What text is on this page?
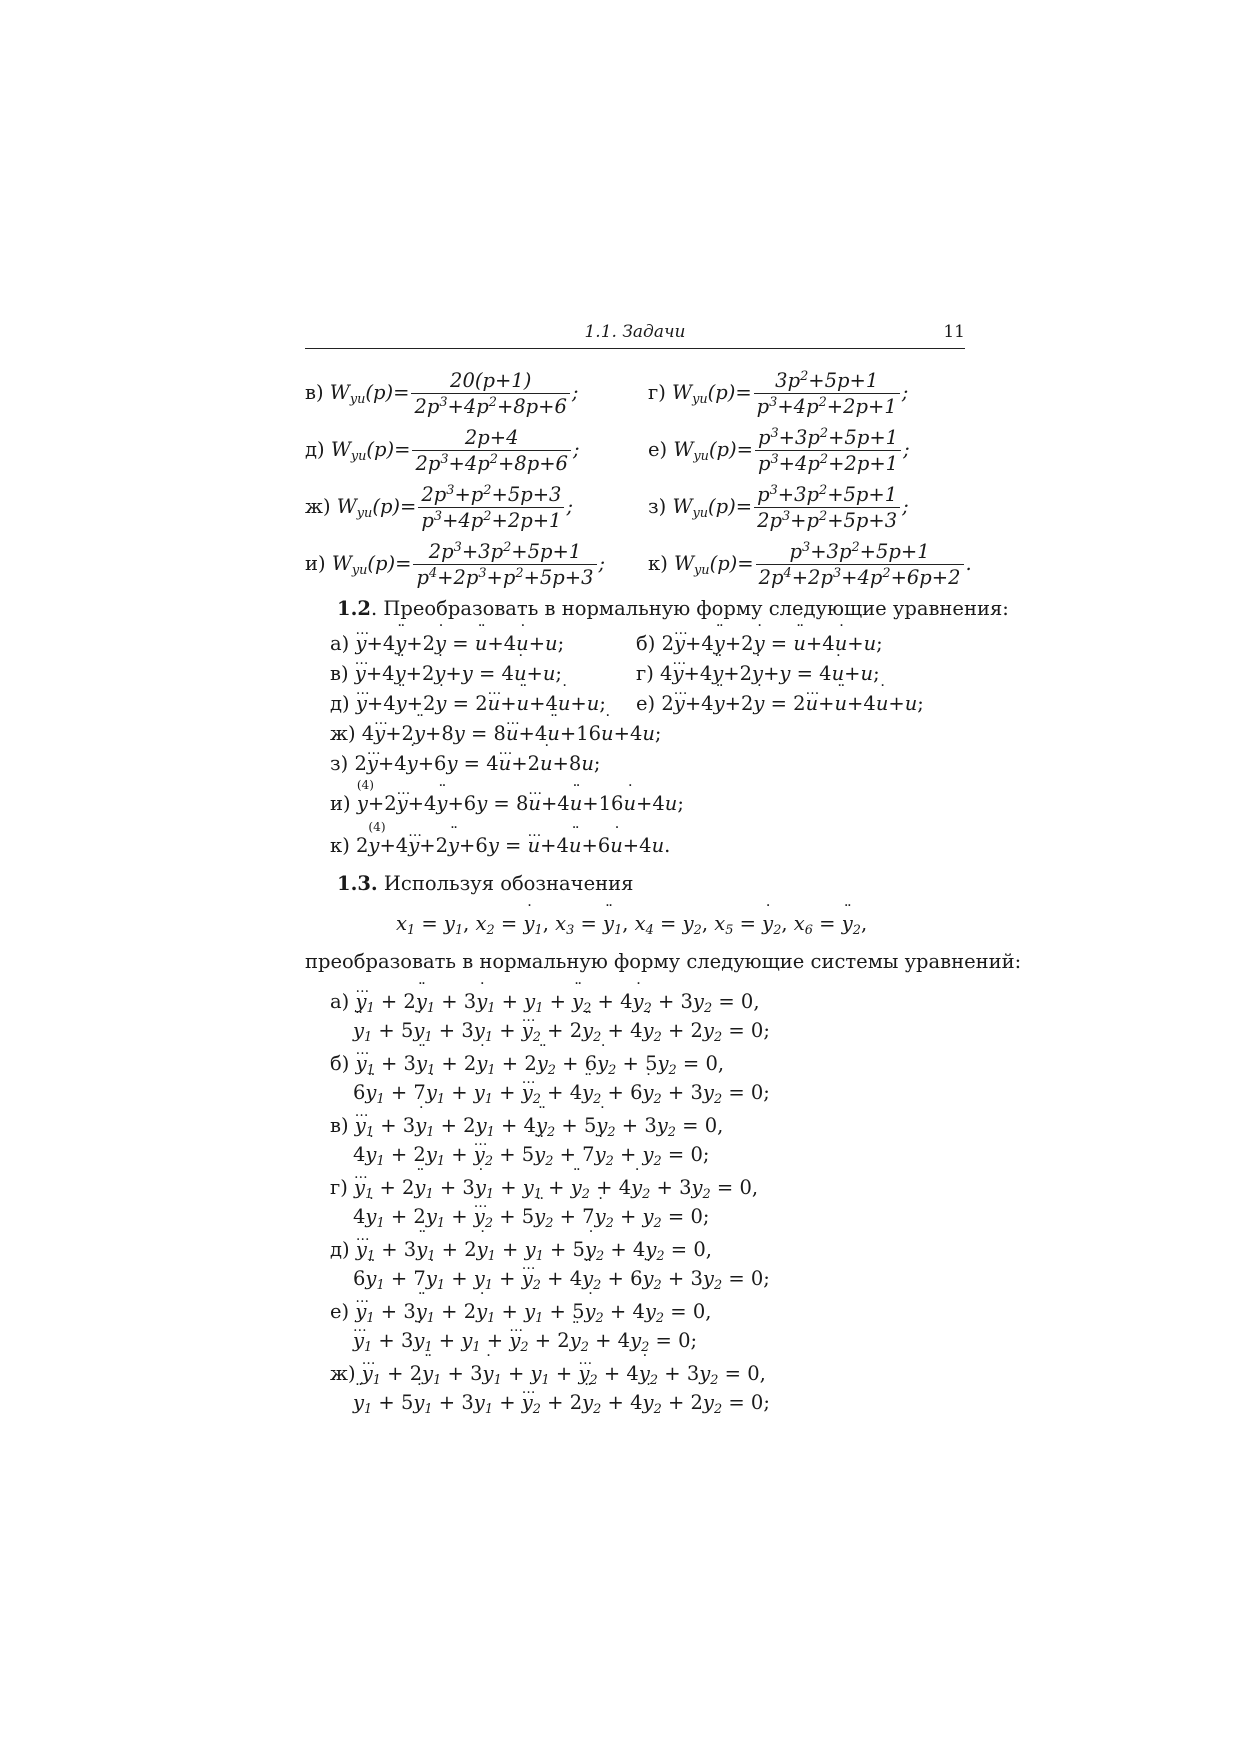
1.1. Задачи	11
в) $W_{yu}(p)= \frac{20(p+1)}{2p^3+4p^2+8p+6}$ ;	г) $W_{yu}(p)= \frac{3p^2+5p+1}{p^3+4p^2+2p+1}$ ;
д) $W_{yu}(p)= \frac{2p+4}{2p^3+4p^2+8p+6}$ ;	е) $W_{yu}(p)= \frac{p^3+3p^2+5p+1}{p^3+4p^2+2p+1}$ ;
ж) $W_{yu}(p)= \frac{2p^3+p^2+5p+3}{p^3+4p^2+2p+1}$ ;	з) $W_{yu}(p)= \frac{p^3+3p^2+5p+1}{2p^3+p^2+5p+3}$ ;
и) $W_{yu}(p)= \frac{2p^3+3p^2+5p+1}{p^4+2p^3+p^2+5p+3}$ ; к) $W_{yu}(p)= \frac{p^3+3p^2+5p+1}{2p^4+2p^3+4p^2+6p+2}$ .
1.2. Преобразовать в нормальную форму следующие уравнения:
а) … y+4¨ y+2˙ y = ¨ u+4˙ u+u;	б) 2… y+4¨ y+2˙ y = ¨ u+4˙ u+u;
в) … y+4¨ y+2˙ y+y = 4˙ u+u;	г) 4… y+4¨ y+2˙ y+y = 4˙ u+u;
д) … y+4¨ y+2˙ y = 2… u+¨ u+4˙ u+u; е) 2… y+4¨ y+2˙ y = 2… u+¨ u+4˙ u+u;
ж) 4… y+2¨ y+8y = 8… u+4¨ u+16˙ u+4u;
з) 2… y+4˙ y+6y = 4… u+2˙ u+8u;
и) (4) y+2… y+4¨ y+6y = 8… u+4¨ u+16˙ u+4u;
к) 2(4) y+4… y+2¨ y+6y = … u+4¨ u+6˙ u+4u.
1.3. Используя обозначения
$x_1 = y_1$, $x_2$ = ˙ $y_1$, $x_3$ = ¨ $y_1$, $x_4 = y_2$, $x_5$ = ˙ $y_2$, $x_6$ = ¨ $y_2$,
преобразовать в нормальную форму следующие системы уравнений:
а) … $y_1$ + 2¨ $y_1$ + 3˙ $y_1 + y_1$ + ¨ $y_2$ + 4˙ $y_2 + 3y_2 = 0$,
¨ $y_1$ + 5˙ $y_1 + 3y_1$ + … $y_2$ + 2¨ $y_2$ + 4˙ $y_2 + 2y_2 = 0$;
б) … $y_1$ + 3¨ $y_1$ + 2˙ $y_1$ + 2¨ $y_2$ + 6˙ $y_2 + 5y_2 = 0$,
6¨ $y_1$ + 7˙ $y_1 + y_1$ + … $y_2$ + 4¨ $y_2$ + 6˙ $y_2 + 3y_2 = 0$;
в) … $y_1$ + 3˙ $y_1 + 2y_1$ + 4¨ $y_2$ + 5˙ $y_2 + 3y_2 = 0$,
4˙ $y_1 + 2y_1$ + … $y_2$ + 5¨ $y_2$ + 7˙ $y_2 + y_2 = 0$;
г) … $y_1$ + 2¨ $y_1$ + 3˙ $y_1 + y_1$ + ¨ $y_2$ + 4˙ $y_2 + 3y_2 = 0$,
4˙ $y_1 + 2y_1$ + … $y_2$ + 5¨ $y_2$ + 7˙ $y_2 + y_2 = 0$;
д) … $y_1$ + 3¨ $y_1$ + 2˙ $y_1 + y_1$ + 5˙ $y_2 + 4y_2 = 0$,
6¨ $y_1$ + 7˙ $y_1 + y_1$ + … $y_2$ + 4¨ $y_2$ + 6˙ $y_2 + 3y_2 = 0$;
е) … $y_1$ + 3¨ $y_1$ + 2˙ $y_1 + y_1$ + 5˙ $y_2 + 4y_2 = 0$,
… $y_1$ + 3˙ $y_1 + y_1$ + … $y_2$ + 2¨ $y_2 + 4y_2 = 0$;
ж) … $y_1$ + 2¨ $y_1$ + 3˙ $y_1 + y_1$ + … $y_2$ + 4˙ $y_2 + 3y_2 = 0$,
¨ $y_1$ + 5˙ $y_1 + 3y_1$ + … $y_2$ + 2¨ $y_2$ + 4˙ $y_2 + 2y_2 = 0$;
